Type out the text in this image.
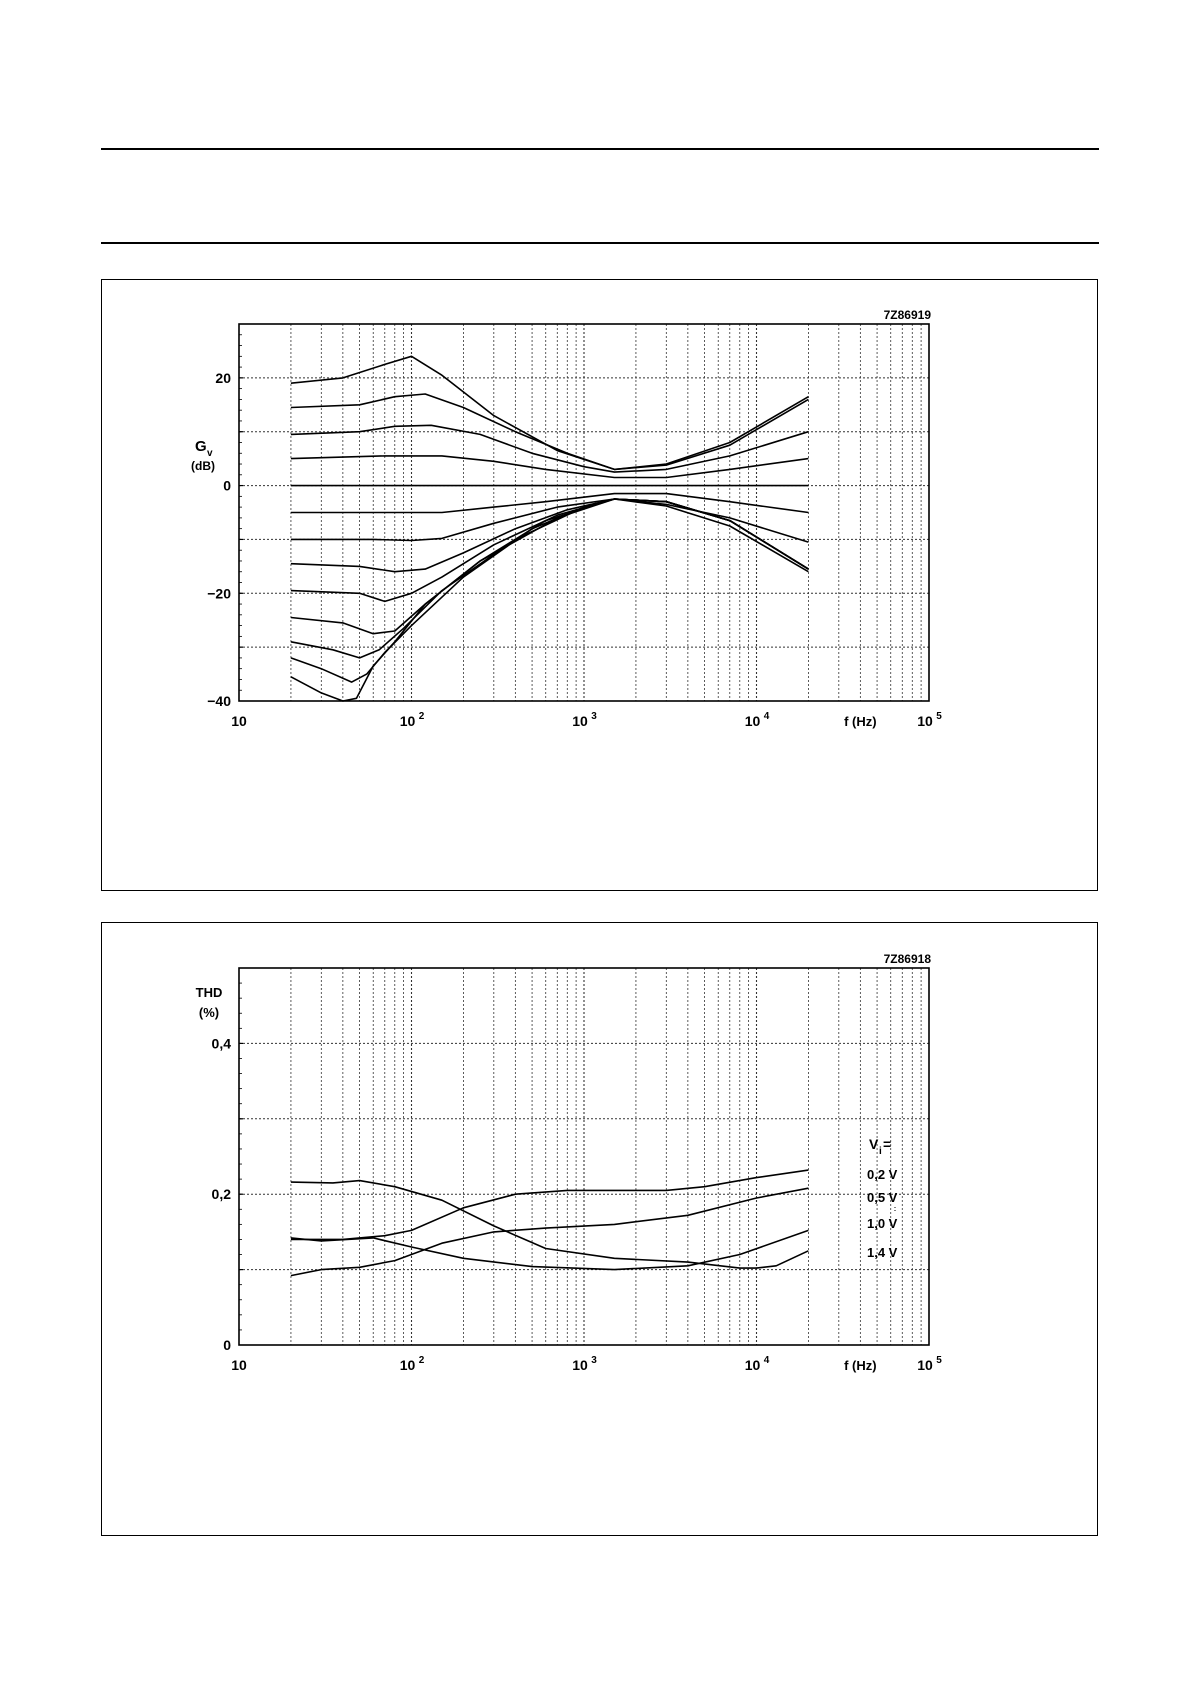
7Z86919
20
0
−20
−40
10	10 2	10 3	10 4	10 5
f (Hz)
G v
(dB)
7Z86918
0,4
0,2
0
10	10 2	10 3	10 4	10 5
f (Hz)
THD
(%)
V i =
0,2 V
0,5 V
1,0 V
1,4 V
